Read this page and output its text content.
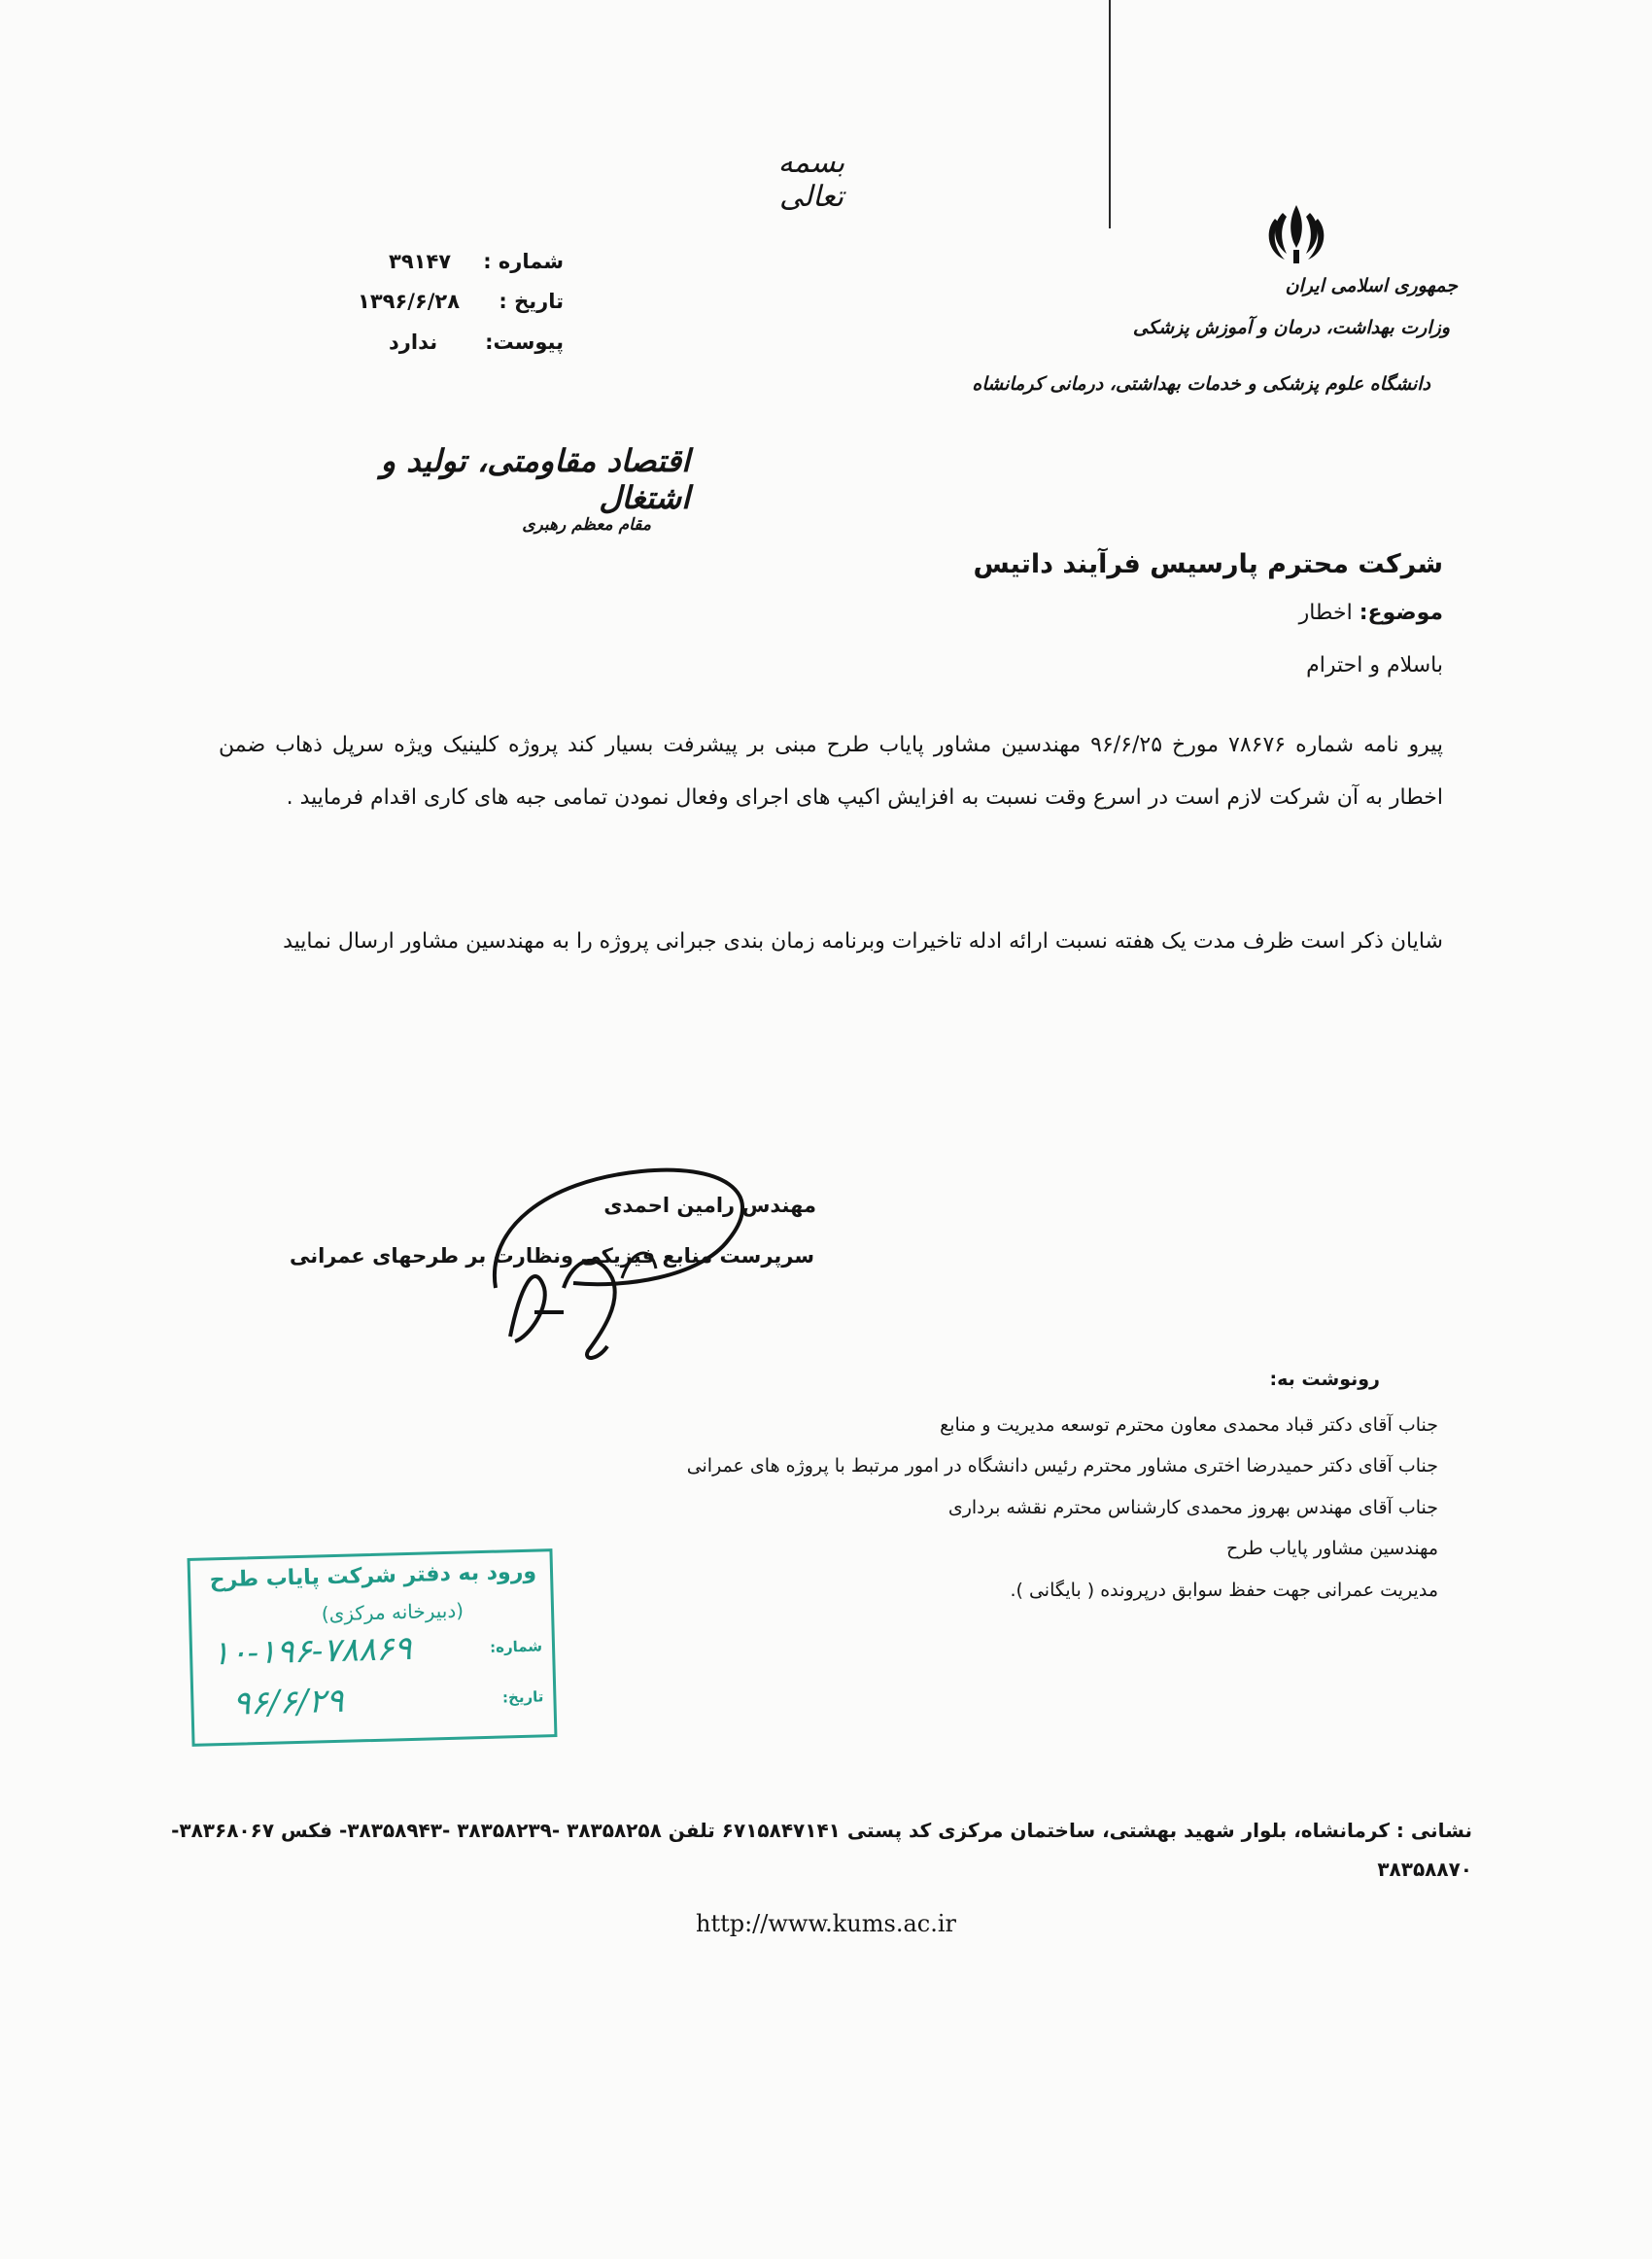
بسمه تعالی
جمهوری اسلامی ایران
وزارت بهداشت، درمان و آموزش پزشکی
دانشگاه علوم پزشکی و خدمات بهداشتی، درمانی کرمانشاه
شماره :
۳۹۱۴۷
تاریخ :
۱۳۹۶/۶/۲۸
پیوست:
ندارد
اقتصاد مقاومتی، تولید و اشتغال
مقام معظم رهبری
شرکت محترم پارسیس فرآیند داتیس
موضوع: اخطار
باسلام و احترام
پیرو نامه شماره ۷۸۶۷۶ مورخ ۹۶/۶/۲۵ مهندسین مشاور پایاب طرح مبنی بر پیشرفت بسیار کند پروژه کلینیک ویژه سرپل ذهاب ضمن اخطار به آن شرکت لازم است در اسرع وقت نسبت به افزایش اکیپ های اجرای وفعال نمودن تمامی جبه های کاری اقدام فرمایید .
شایان ذکر است ظرف مدت یک هفته نسبت ارائه ادله تاخیرات وبرنامه زمان بندی جبرانی پروژه را به مهندسین مشاور ارسال نمایید
مهندس رامین احمدی
سرپرست منابع فیزیکی ونظارت بر طرحهای عمرانی
رونوشت به:
جناب آقای دکتر قباد محمدی معاون محترم توسعه مدیریت و منابع
جناب آقای دکتر حمیدرضا اختری مشاور محترم رئیس دانشگاه در امور مرتبط با پروژه های عمرانی
جناب آقای مهندس بهروز محمدی کارشناس محترم نقشه برداری
مهندسین مشاور پایاب طرح
مدیریت عمرانی جهت حفظ سوابق درپرونده ( بایگانی ).
ورود به دفتر شرکت پایاب طرح
(دبیرخانه مرکزی)
شماره:
۱۰-۱۹۶-۷۸۸۶۹
تاریخ:
۹۶/۶/۲۹
نشانی : کرمانشاه، بلوار شهید بهشتی، ساختمان مرکزی کد پستی ۶۷۱۵۸۴۷۱۴۱ تلفن ۳۸۳۵۸۲۵۸ -۳۸۳۵۸۲۳۹ -۳۸۳۵۸۹۴۳- فکس ۳۸۳۶۸۰۶۷-
۳۸۳۵۸۸۷۰
http://www.kums.ac.ir
